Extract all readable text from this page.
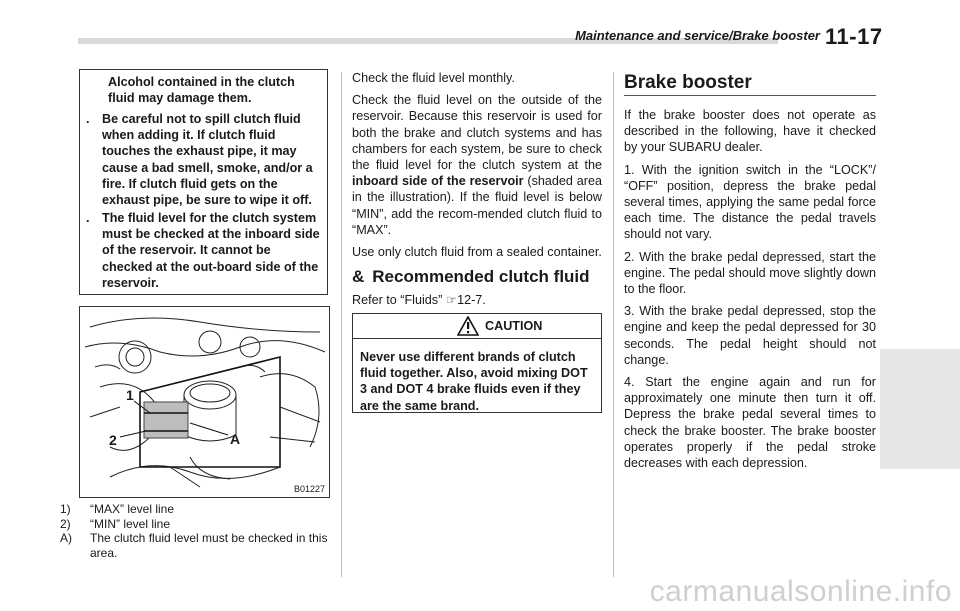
Maintenance and service/Brake booster 11-17

Alcohol contained in the clutch fluid may damage them.

. Be careful not to spill clutch fluid when adding it. If clutch fluid touches the exhaust pipe, it may cause a bad smell, smoke, and/or a fire. If clutch fluid gets on the exhaust pipe, be sure to wipe it off.
. The fluid level for the clutch system must be checked at the inboard side of the reservoir. It cannot be checked at the out-board side of the reservoir.
1
2	A
B01227
1) “MAX” level line
2) “MIN” level line
A) The clutch fluid level must be checked in this area.

Check the fluid level monthly.

Check the fluid level on the outside of the reservoir. Because this reservoir is used for both the brake and clutch systems and has chambers for each system, be sure to check the fluid level for the clutch system at the inboard side of the reservoir (shaded area in the illustration). If the fluid level is below “MIN”, add the recom-mended clutch fluid to “MAX”.

Use only clutch fluid from a sealed container.

& Recommended clutch fluid
Refer to “Fluids” ☞12-7.
CAUTION

Never use different brands of clutch fluid together. Also, avoid mixing DOT 3 and DOT 4 brake fluids even if they are the same brand.

Brake booster

If the brake booster does not operate as described in the following, have it checked by your SUBARU dealer.

1. With the ignition switch in the “LOCK”/ “OFF” position, depress the brake pedal several times, applying the same pedal force each time. The distance the pedal travels should not vary.

2. With the brake pedal depressed, start the engine. The pedal should move slightly down to the floor.

3. With the brake pedal depressed, stop the engine and keep the pedal depressed for 30 seconds. The pedal height should not change.

4. Start the engine again and run for approximately one minute then turn it off. Depress the brake pedal several times to check the brake booster. The brake booster operates properly if the pedal stroke decreases with each depression.

carmanualsonline.info
